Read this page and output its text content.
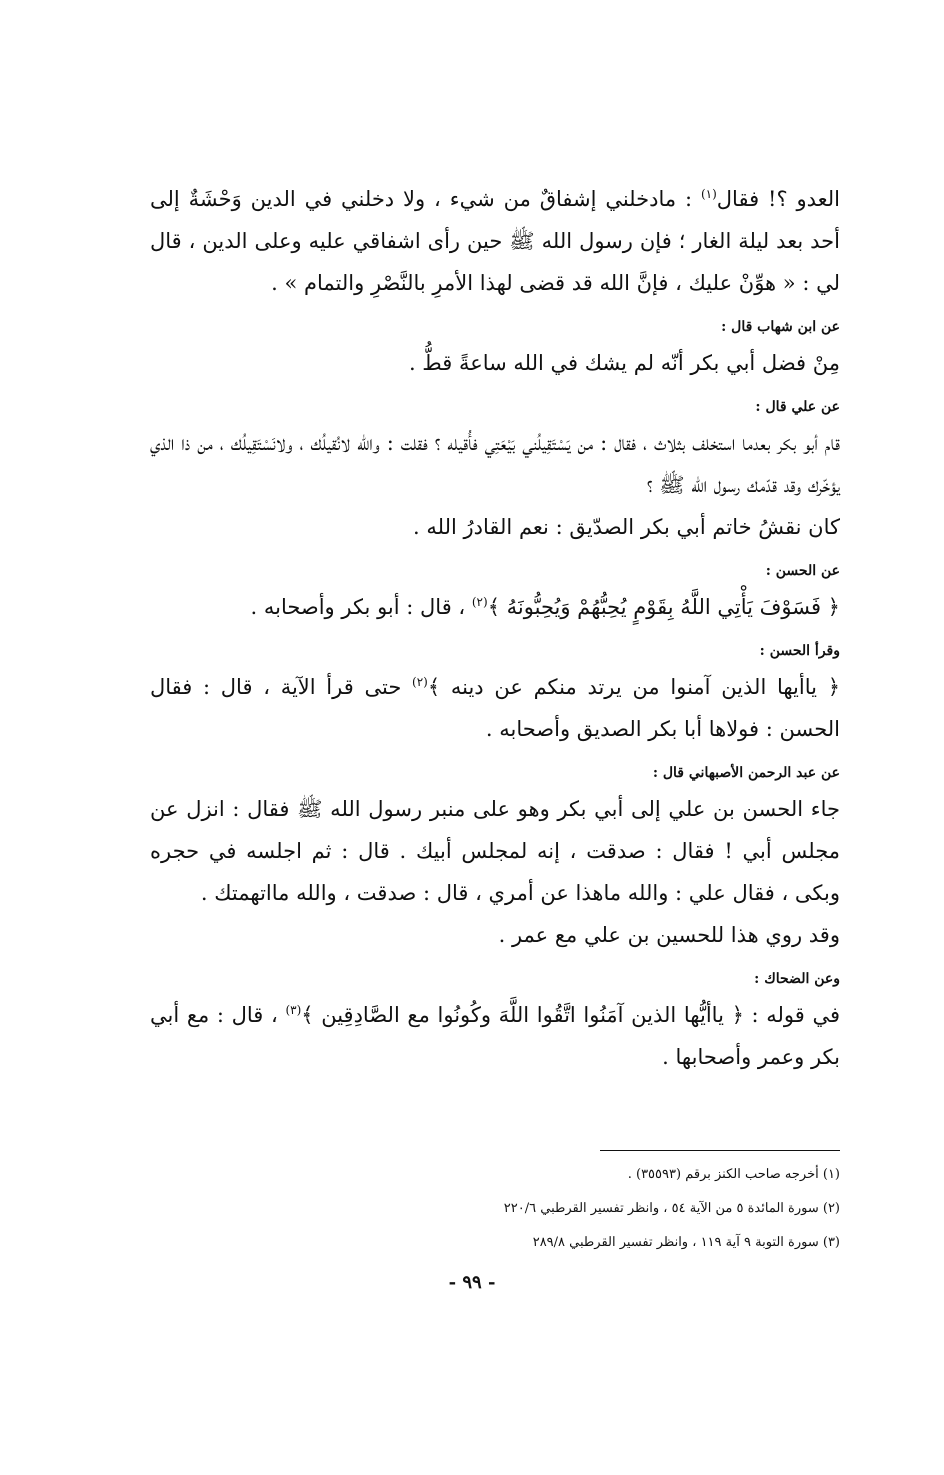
العدو ؟! فقال$^{(١)}$ : مادخلني إشفاقٌ من شيء ، ولا دخلني في الدين وَحْشَةٌ إلى أحد بعد ليلة الغار ؛ فإن رسول الله ﷺ حين رأى اشفاقي عليه وعلى الدين ، قال لي : « هوِّنْ عليك ، فإنَّ الله قد قضى لهذا الأمرِ بالنَّصْرِ والتمام » .

عن ابن شهاب قال :

مِنْ فضل أبي بكر أنّه لم يشك في الله ساعةً قطُّ .

عن علي قال :

قام أبو بكر بعدما استخلف بثلاث ، فقال : من يَسْتَقِيلُني بَيْعَتِي فأُقيله ؟ فقلت : والله لانُقيلُك ، ولانَسْتَقِيلُك ، من ذا الذي يؤخّرك وقد قدّمك رسول الله ﷺ ؟

كان نقشُ خاتم أبي بكر الصدّيق : نعم القادرُ الله .

عن الحسن :

﴿ فَسَوْفَ يَأْتِي اللَّهُ بِقَوْمٍ يُحِبُّهُمْ وَيُحِبُّونَهُ ﴾$^{(٢)}$ ، قال : أبو بكر وأصحابه .

وقرأ الحسن :

﴿ ياأيها الذين آمنوا من يرتد منكم عن دينه ﴾$^{(٢)}$ حتى قرأ الآية ، قال : فقال الحسن : فولاها أبا بكر الصديق وأصحابه .

عن عبد الرحمن الأصبهاني قال :

جاء الحسن بن علي إلى أبي بكر وهو على منبر رسول الله ﷺ فقال : انزل عن مجلس أبي ! فقال : صدقت ، إنه لمجلس أبيك . قال : ثم اجلسه في حجره وبكى ، فقال علي : والله ماهذا عن أمري ، قال : صدقت ، والله مااتهمتك .

وقد روي هذا للحسين بن علي مع عمر .

وعن الضحاك :

في قوله : ﴿ ياأيُّها الذين آمَنُوا اتَّقُوا اللَّهَ وكُونُوا مع الصَّادِقِين ﴾$^{(٣)}$ ، قال : مع أبي بكر وعمر وأصحابها .

(١) أخرجه صاحب الكنز برقم (٣٥٥٩٣) .

(٢) سورة المائدة ٥ من الآية ٥٤ ، وانظر تفسير القرطبي ٢٢٠/٦

(٣) سورة التوبة ٩ آية ١١٩ ، وانظر تفسير القرطبي ٢٨٩/٨

- ٩٩ -
